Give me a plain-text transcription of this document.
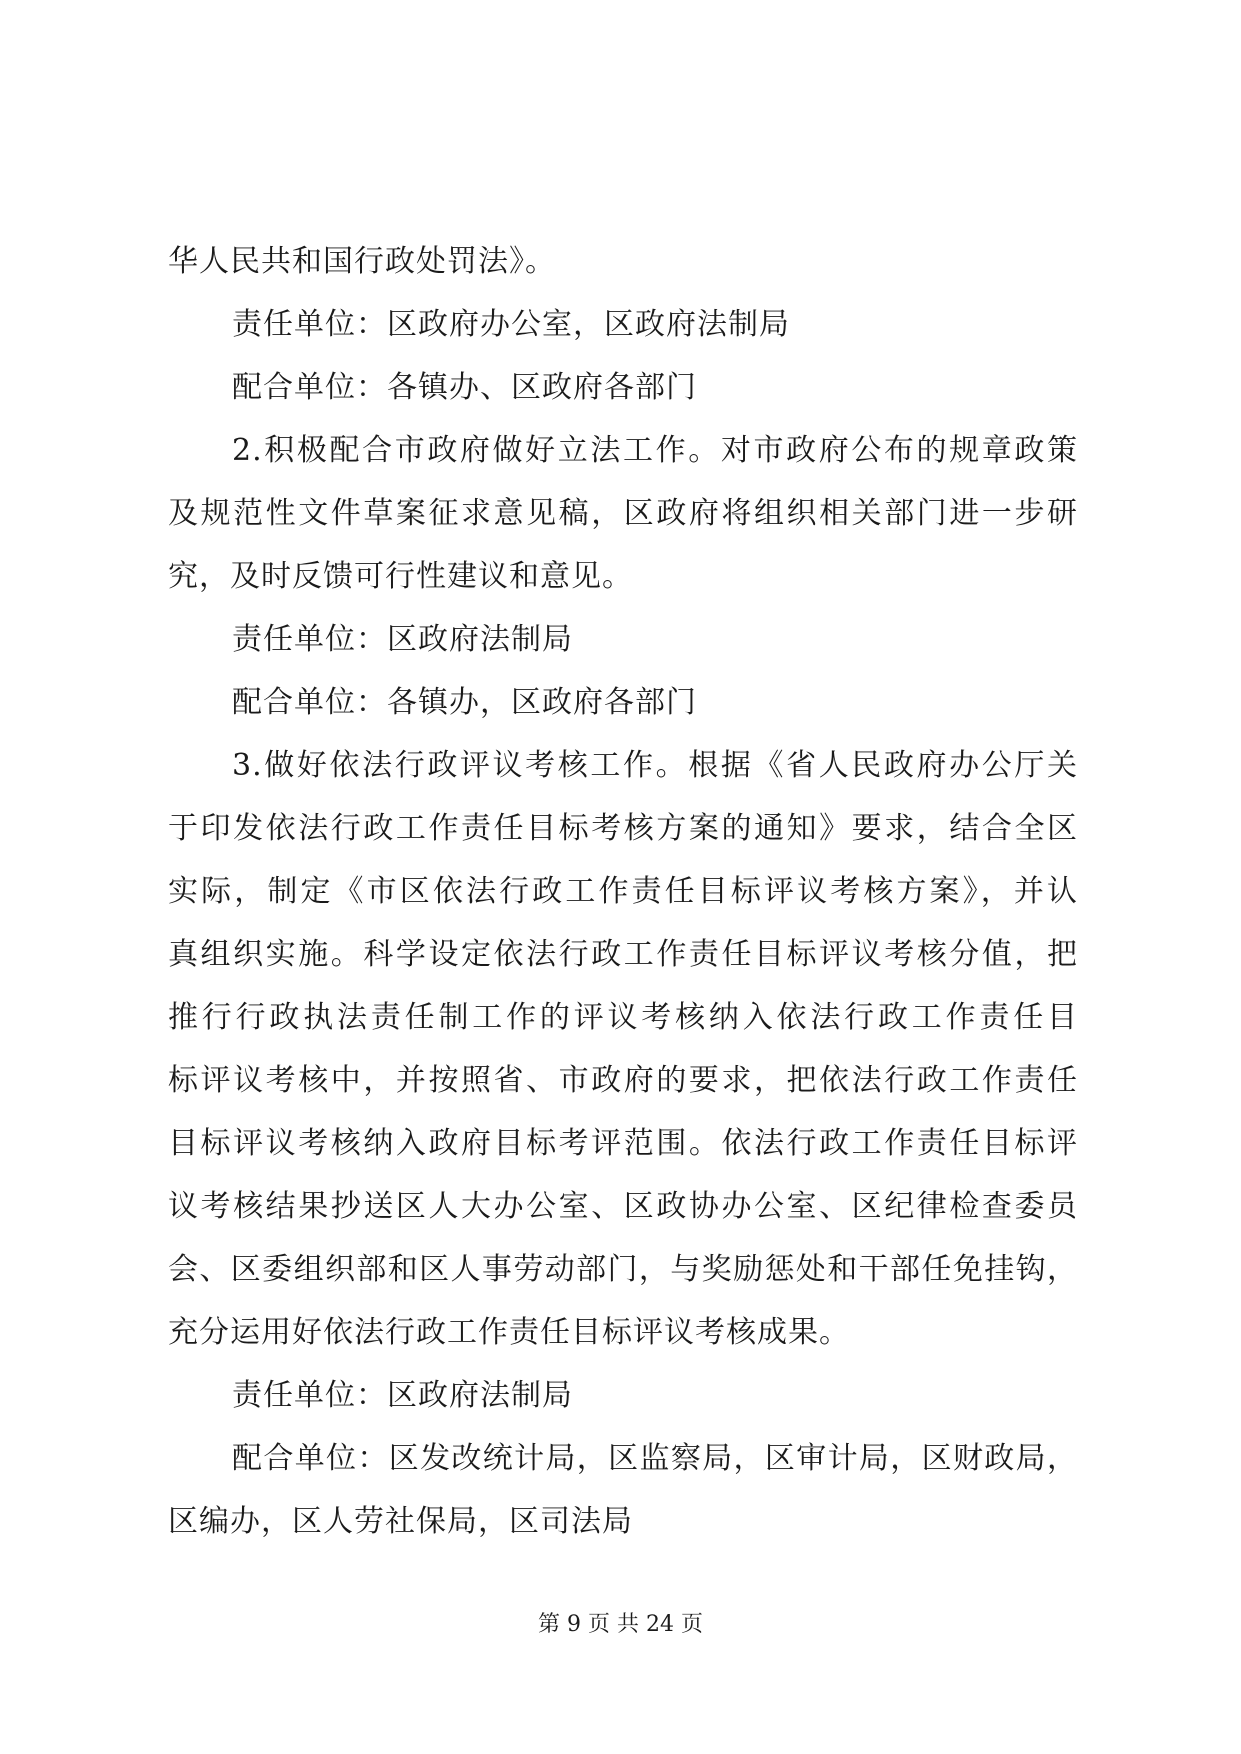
华人民共和国行政处罚法》。
责任单位：区政府办公室，区政府法制局
配合单位：各镇办、区政府各部门
2.积极配合市政府做好立法工作。对市政府公布的规章政策
及规范性文件草案征求意见稿，区政府将组织相关部门进一步研
究，及时反馈可行性建议和意见。
责任单位：区政府法制局
配合单位：各镇办，区政府各部门
3.做好依法行政评议考核工作。根据《省人民政府办公厅关
于印发依法行政工作责任目标考核方案的通知》要求，结合全区
实际，制定《市区依法行政工作责任目标评议考核方案》，并认
真组织实施。科学设定依法行政工作责任目标评议考核分值，把
推行行政执法责任制工作的评议考核纳入依法行政工作责任目
标评议考核中，并按照省、市政府的要求，把依法行政工作责任
目标评议考核纳入政府目标考评范围。依法行政工作责任目标评
议考核结果抄送区人大办公室、区政协办公室、区纪律检查委员
会、区委组织部和区人事劳动部门，与奖励惩处和干部任免挂钩，
充分运用好依法行政工作责任目标评议考核成果。
责任单位：区政府法制局
配合单位：区发改统计局，区监察局，区审计局，区财政局，
区编办，区人劳社保局，区司法局
第 9 页 共 24 页
